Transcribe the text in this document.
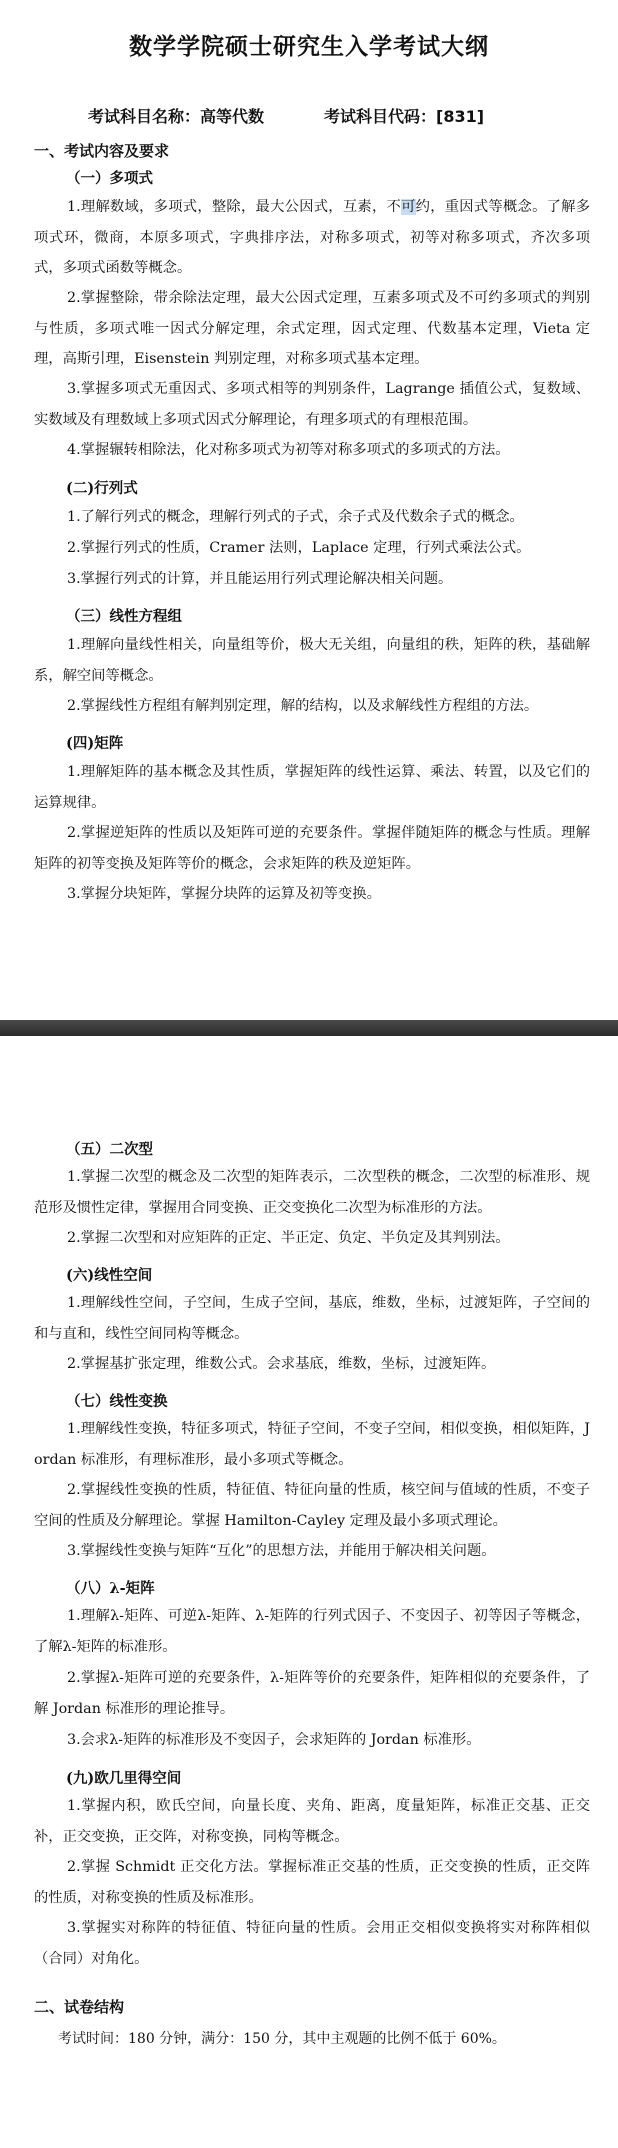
数学学院硕士研究生入学考试大纲
考试科目名称：高等代数	考试科目代码：[831]
一、考试内容及要求
（一）多项式

1.理解数域，多项式，整除，最大公因式，互素，不可约，重因式等概念。了解多项式环，微商，本原多项式，字典排序法，对称多项式，初等对称多项式，齐次多项式，多项式函数等概念。

2.掌握整除，带余除法定理，最大公因式定理，互素多项式及不可约多项式的判别与性质，多项式唯一因式分解定理，余式定理，因式定理、代数基本定理，Vieta 定理，高斯引理，Eisenstein 判别定理，对称多项式基本定理。

3.掌握多项式无重因式、多项式相等的判别条件，Lagrange 插值公式，复数域、实数域及有理数域上多项式因式分解理论，有理多项式的有理根范围。

4.掌握辗转相除法，化对称多项式为初等对称多项式的多项式的方法。

(二)行列式

1.了解行列式的概念，理解行列式的子式，余子式及代数余子式的概念。

2.掌握行列式的性质，Cramer 法则，Laplace 定理，行列式乘法公式。

3.掌握行列式的计算，并且能运用行列式理论解决相关问题。

（三）线性方程组

1.理解向量线性相关，向量组等价，极大无关组，向量组的秩，矩阵的秩，基础解系，解空间等概念。

2.掌握线性方程组有解判别定理，解的结构，以及求解线性方程组的方法。

(四)矩阵

1.理解矩阵的基本概念及其性质，掌握矩阵的线性运算、乘法、转置，以及它们的运算规律。

2.掌握逆矩阵的性质以及矩阵可逆的充要条件。掌握伴随矩阵的概念与性质。理解矩阵的初等变换及矩阵等价的概念，会求矩阵的秩及逆矩阵。

3.掌握分块矩阵，掌握分块阵的运算及初等变换。

（五）二次型

1.掌握二次型的概念及二次型的矩阵表示，二次型秩的概念，二次型的标准形、规范形及惯性定律，掌握用合同变换、正交变换化二次型为标准形的方法。

2.掌握二次型和对应矩阵的正定、半正定、负定、半负定及其判别法。

(六)线性空间

1.理解线性空间，子空间，生成子空间，基底，维数，坐标，过渡矩阵，子空间的和与直和，线性空间同构等概念。

2.掌握基扩张定理，维数公式。会求基底，维数，坐标，过渡矩阵。

（七）线性变换

1.理解线性变换，特征多项式，特征子空间，不变子空间，相似变换，相似矩阵，Jordan 标准形，有理标准形，最小多项式等概念。

2.掌握线性变换的性质，特征值、特征向量的性质，核空间与值域的性质，不变子空间的性质及分解理论。掌握 Hamilton-Cayley 定理及最小多项式理论。

3.掌握线性变换与矩阵“互化”的思想方法，并能用于解决相关问题。

（八）λ-矩阵

1.理解λ-矩阵、可逆λ-矩阵、λ-矩阵的行列式因子、不变因子、初等因子等概念，了解λ-矩阵的标准形。

2.掌握λ-矩阵可逆的充要条件，λ-矩阵等价的充要条件，矩阵相似的充要条件，了解 Jordan 标准形的理论推导。

3.会求λ-矩阵的标准形及不变因子，会求矩阵的 Jordan 标准形。

(九)欧几里得空间

1.掌握内积，欧氏空间，向量长度、夹角、距离，度量矩阵，标准正交基、正交补，正交变换，正交阵，对称变换，同构等概念。

2.掌握 Schmidt 正交化方法。掌握标准正交基的性质，正交变换的性质，正交阵的性质，对称变换的性质及标准形。

3.掌握实对称阵的特征值、特征向量的性质。会用正交相似变换将实对称阵相似（合同）对角化。

二、试卷结构

考试时间：180 分钟，满分：150 分，其中主观题的比例不低于 60%。
